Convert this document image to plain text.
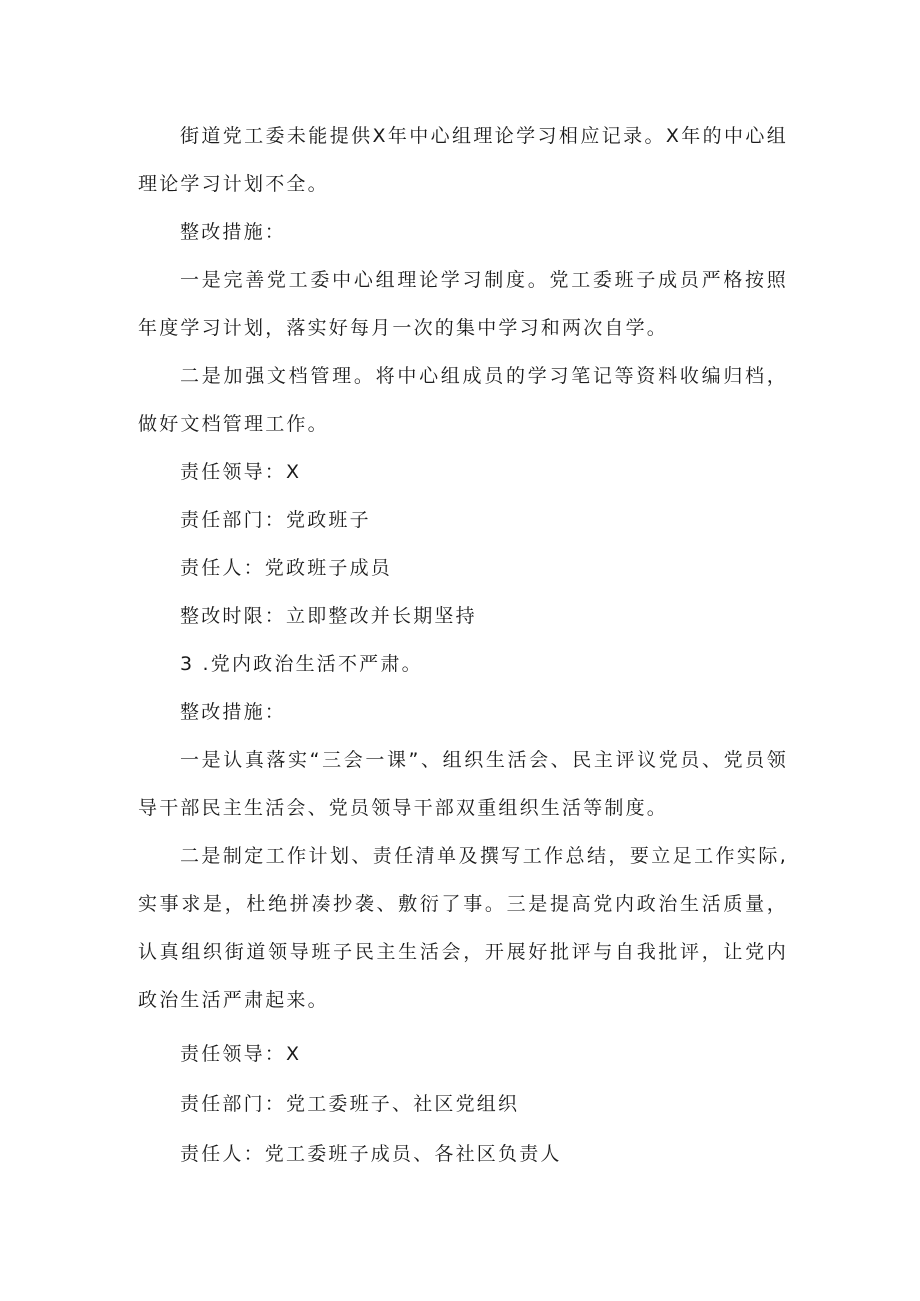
街道党工委未能提供X年中心组理论学习相应记录。X年的中心组理论学习计划不全。

整改措施：

一是完善党工委中心组理论学习制度。党工委班子成员严格按照年度学习计划，落实好每月一次的集中学习和两次自学。

二是加强文档管理。将中心组成员的学习笔记等资料收编归档，做好文档管理工作。

责任领导：X

责任部门：党政班子

责任人：党政班子成员

整改时限：立即整改并长期坚持

3 .党内政治生活不严肃。

整改措施：

一是认真落实“三会一课”、组织生活会、民主评议党员、党员领导干部民主生活会、党员领导干部双重组织生活等制度。

二是制定工作计划、责任清单及撰写工作总结，要立足工作实际,实事求是，杜绝拼凑抄袭、敷衍了事。三是提高党内政治生活质量，认真组织街道领导班子民主生活会，开展好批评与自我批评，让党内政治生活严肃起来。

责任领导：X

责任部门：党工委班子、社区党组织

责任人：党工委班子成员、各社区负责人
